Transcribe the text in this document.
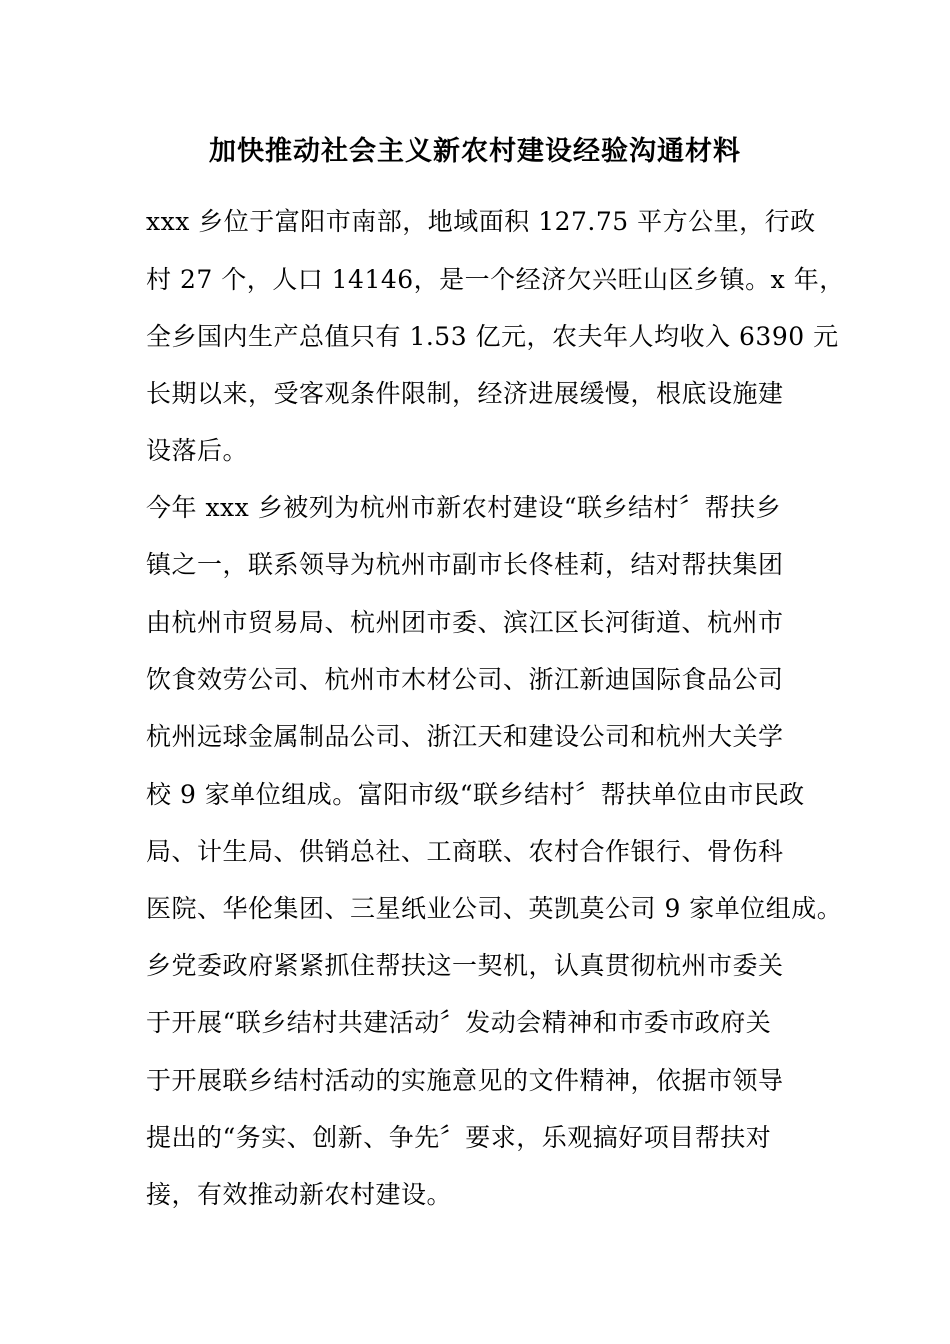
加快推动社会主义新农村建设经验沟通材料
xxx 乡位于富阳市南部，地域面积 127.75 平方公里，行政
村 27 个，人口 14146，是一个经济欠兴旺山区乡镇。x 年，
全乡国内生产总值只有 1.53 亿元，农夫年人均收入 6390 元
长期以来，受客观条件限制，经济进展缓慢，根底设施建
设落后。
今年 xxx 乡被列为杭州市新农村建设“联乡结村〞帮扶乡
镇之一，联系领导为杭州市副市长佟桂莉，结对帮扶集团
由杭州市贸易局、杭州团市委、滨江区长河街道、杭州市
饮食效劳公司、杭州市木材公司、浙江新迪国际食品公司
杭州远球金属制品公司、浙江天和建设公司和杭州大关学
校 9 家单位组成。富阳市级“联乡结村〞帮扶单位由市民政
局、计生局、供销总社、工商联、农村合作银行、骨伤科
医院、华伦集团、三星纸业公司、英凯莫公司 9 家单位组成。
乡党委政府紧紧抓住帮扶这一契机，认真贯彻杭州市委关
于开展“联乡结村共建活动〞发动会精神和市委市政府关
于开展联乡结村活动的实施意见的文件精神，依据市领导
提出的“务实、创新、争先〞要求，乐观搞好项目帮扶对
接，有效推动新农村建设。
